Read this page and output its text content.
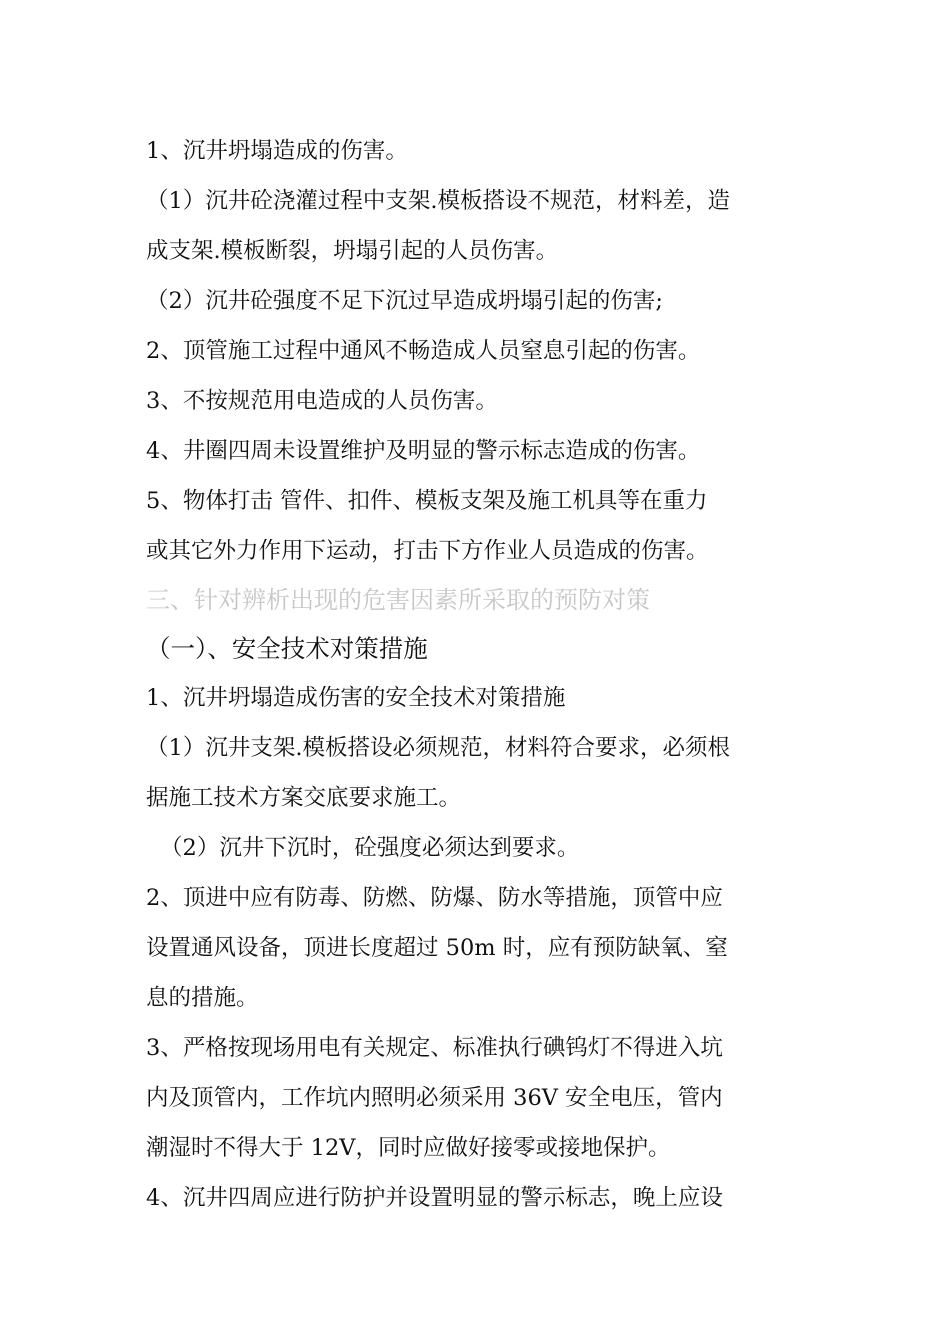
1、沉井坍塌造成的伤害。

（1）沉井砼浇灌过程中支架.模板搭设不规范，材料差，造

成支架.模板断裂，坍塌引起的人员伤害。

（2）沉井砼强度不足下沉过早造成坍塌引起的伤害;

2、顶管施工过程中通风不畅造成人员窒息引起的伤害。

3、不按规范用电造成的人员伤害。

4、井圈四周未设置维护及明显的警示标志造成的伤害。

5、物体打击 管件、扣件、模板支架及施工机具等在重力

或其它外力作用下运动，打击下方作业人员造成的伤害。

三、针对辨析出现的危害因素所采取的预防对策

（一）、安全技术对策措施

1、沉井坍塌造成伤害的安全技术对策措施

（1）沉井支架.模板搭设必须规范，材料符合要求，必须根

据施工技术方案交底要求施工。

（2）沉井下沉时，砼强度必须达到要求。

2、顶进中应有防毒、防燃、防爆、防水等措施，顶管中应

设置通风设备，顶进长度超过 50m 时，应有预防缺氧、窒

息的措施。

3、严格按现场用电有关规定、标准执行碘钨灯不得进入坑

内及顶管内，工作坑内照明必须采用 36V 安全电压，管内

潮湿时不得大于 12V，同时应做好接零或接地保护。

4、沉井四周应进行防护并设置明显的警示标志，晚上应设
